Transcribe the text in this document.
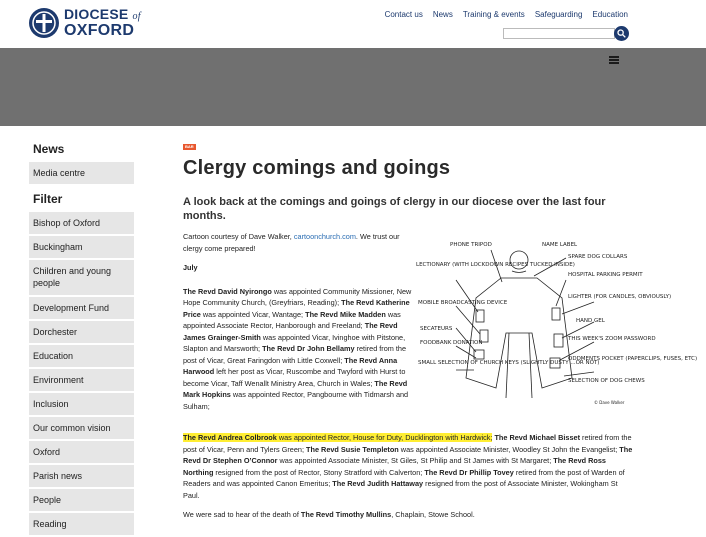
DIOCESE of
OXFORD
Contact us News Training & events Safeguarding Education
News
Media centre
Filter
Bishop of Oxford
Buckingham
Children and young people
Development Fund
Dorchester
Education
Environment
Inclusion
Our common vision
Oxford
Parish news
People
Reading
BAR
Clergy comings and goings
A look back at the comings and goings of clergy in our diocese over the last four months.

Cartoon courtesy of Dave Walker, cartoonchurch.com. We trust our clergy come prepared!

July

The Revd David Nyirongo was appointed Community Missioner, New Hope Community Church, (Greyfriars, Reading); The Revd Katherine Price was appointed Vicar, Wantage; The Revd Mike Madden was appointed Associate Rector, Hanborough and Freeland; The Revd James Grainger-Smith was appointed Vicar, Ivinghoe with Pitstone, Slapton and Marsworth; The Revd Dr John Bellamy retired from the post of Vicar, Great Faringdon with Little Coxwell; The Revd Anna Harwood left her post as Vicar, Ruscombe and Twyford with Hurst to become Vicar, Taff Wenallt Ministry Area, Church in Wales; The Revd Mark Hopkins was appointed Rector, Pangbourne with Tidmarsh and Sulham;

The Revd Andrea Colbrook was appointed Rector, House for Duty, Ducklington with Hardwick; The Revd Michael Bisset retired from the post of Vicar, Penn and Tylers Green; The Revd Susie Templeton was appointed Associate Minister, Woodley St John the Evangelist; The Revd Dr Stephen O’Connor was appointed Associate Minister, St Giles, St Philip and St James with St Margaret; The Revd Ross Northing resigned from the post of Rector, Stony Stratford with Calverton; The Revd Dr Phillip Tovey retired from the post of Warden of Readers and was appointed Canon Emeritus; The Revd Judith Hattaway resigned from the post of Associate Minister, Wokingham St Paul.

We were sad to hear of the death of The Revd Timothy Mullins, Chaplain, Stowe School.

PHONE TRIPOD	NAME LABEL
LECTIONARY (WITH LOCKDOWN RECIPES TUCKED INSIDE)
SPARE DOG COLLARS
HOSPITAL PARKING PERMIT
MOBILE BROADCASTING DEVICE
LIGHTER (FOR CANDLES, OBVIOUSLY)
HAND GEL
SECATEURS
THIS WEEK'S ZOOM PASSWORD
FOODBANK DONATION
ODDMENTS POCKET (PAPERCLIPS, FUSES, ETC)
SMALL SELECTION OF CHURCH KEYS (SLIGHTLY DUSTY ...OR NOT)
SELECTION OF DOG CHEWS
© Dave Walker
